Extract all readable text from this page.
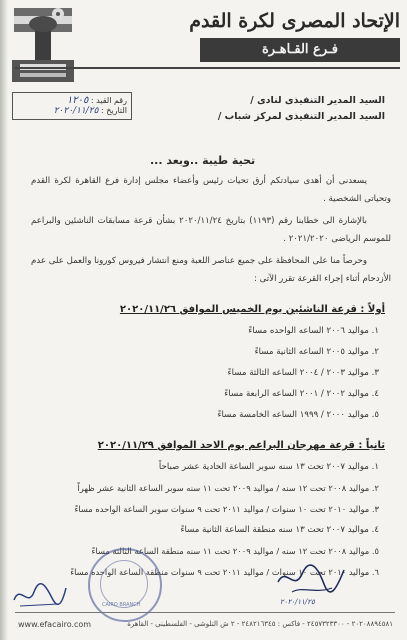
الإتحاد المصرى لكرة القدم
فـرع القـاهـرة
رقم القيد : ١٢٠٥
التاريخ : ٢٠٢٠/١١/٢٥
السيد المدير التنفيذى لنادى /
السيد المدير التنفيذى لمركز شباب /
تحية طيبة ..وبعد ...
يسعدنى أن أهدى سيادتكم أرق تحيات رئيس وأعضاء مجلس إدارة فرع القاهرة لكرة القدم وتحياتى الشخصية .
بالإشارة الى خطابنا رقم (١١٩٣) بتاريخ ٢٠٢٠/١١/٢٤ بشأن قرعة مسابقات الناشئين والبراعم للموسم الرياضى ٢٠٢١/٢٠٢٠ .
وحرصاً منا على المحافظة على جميع عناصر اللعبة ومنع انتشار فيروس كورونا والعمل على عدم الأزدحام أثناء إجراء القرعة تقرر الآتى :
أولاً : قرعة الناشئين يوم الخميس الموافق ٢٠٢٠/١١/٢٦
١. مواليد ٢٠٠٦ الساعه الواحده مساءً
٢. مواليد ٢٠٠٥ الساعه الثانية مساءً
٣. مواليد ٢٠٠٣ / ٢٠٠٤ الساعه الثالثة مساءً
٤. مواليد ٢٠٠٢ / ٢٠٠١ الساعه الرابعة مساءً
٥. مواليد ٢٠٠٠ / ١٩٩٩ الساعه الخامسة مساءً
ثانياً : قرعة مهرجان البراعم يوم الاحد الموافق ٢٠٢٠/١١/٢٩
١. مواليد ٢٠٠٧ تحت ١٣ سنه سوبر الساعة الحادية عشر صباحاً
٢. مواليد ٢٠٠٨ تحت ١٢ سنه / مواليد ٢٠٠٩ تحت ١١ سنه سوبر الساعة الثانية عشر ظهراً
٣. مواليد ٢٠١٠ تحت ١٠ سنوات / مواليد ٢٠١١ تحت ٩ سنوات سوبر الساعة الواحده مساءً
٤. مواليد ٢٠٠٧ تحت ١٣ سنه منطقة الساعة الثانية مساءً
٥. مواليد ٢٠٠٨ تحت ١٢ سنه / مواليد ٢٠٠٩ تحت ١١ سنه منطقة الساعة الثالثة مساءً
٦. مواليد ٢٠١٠ تحت ١٠ سنوات / مواليد ٢٠١١ تحت ٩ سنوات منطقة الساعة الواحده مساءً
CAIRO BRANCH	٢٠٢٠/١١/٢٥
www.efacairo.com	٢٠٢٠٨٨٩٤٥٨١ - ٢٤٥٧٣٢٣٣٠٠ - فاكس : ٢٤٨٢١٦٣٤٥ - ٢ ش التلوشى - الفلسطينى - القاهرة
